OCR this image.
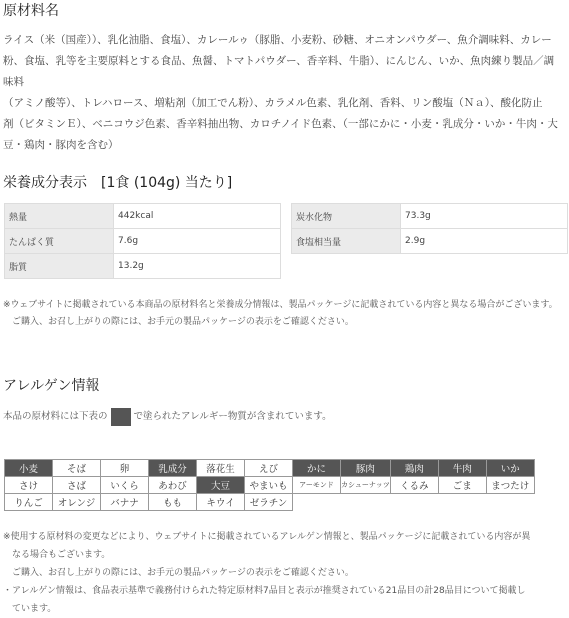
原材料名
ライス（米（国産））、乳化油脂、食塩）、カレールゥ（豚脂、小麦粉、砂糖、オニオンパウダー、魚介調味料、カレー
粉、食塩、乳等を主要原料とする食品、魚醤、トマトパウダー、香辛料、牛脂）、にんじん、いか、魚肉練り製品／調味料
（アミノ酸等）、トレハロース、増粘剤（加工でん粉）、カラメル色素、乳化剤、香料、リン酸塩（Ｎａ）、酸化防止
剤（ビタミンＥ）、ベニコウジ色素、香辛料抽出物、カロチノイド色素、（一部にかに・小麦・乳成分・いか・牛肉・大
豆・鶏肉・豚肉を含む）
栄養成分表示　[1食 (104g) 当たり]
熱量	442kcal
たんぱく質	7.6g
脂質	13.2g
炭水化物	73.3g
食塩相当量	2.9g
※ウェブサイトに掲載されている本商品の原材料名と栄養成分情報は、製品パッケージに記載されている内容と異なる場合がございます。
　ご購入、お召し上がりの際には、お手元の製品パッケージの表示をご確認ください。
アレルゲン情報
本品の原材料には下表の	で塗られたアレルギー物質が含まれています。
小麦	そば	卵	乳成分	落花生	えび	かに	豚肉	鶏肉	牛肉	いか
さけ	さば	いくら	あわび	大豆	やまいも	アーモンド	カシューナッツ	くるみ	ごま	まつたけ
りんご	オレンジ	バナナ	もも	キウイ	ゼラチン					
※使用する原材料の変更などにより、ウェブサイトに掲載されているアレルゲン情報と、製品パッケージに記載されている内容が異
　なる場合もございます。
　ご購入、お召し上がりの際には、お手元の製品パッケージの表示をご確認ください。
・アレルゲン情報は、食品表示基準で義務付けられた特定原材料7品目と表示が推奨されている21品目の計28品目について掲載し
　ています。
